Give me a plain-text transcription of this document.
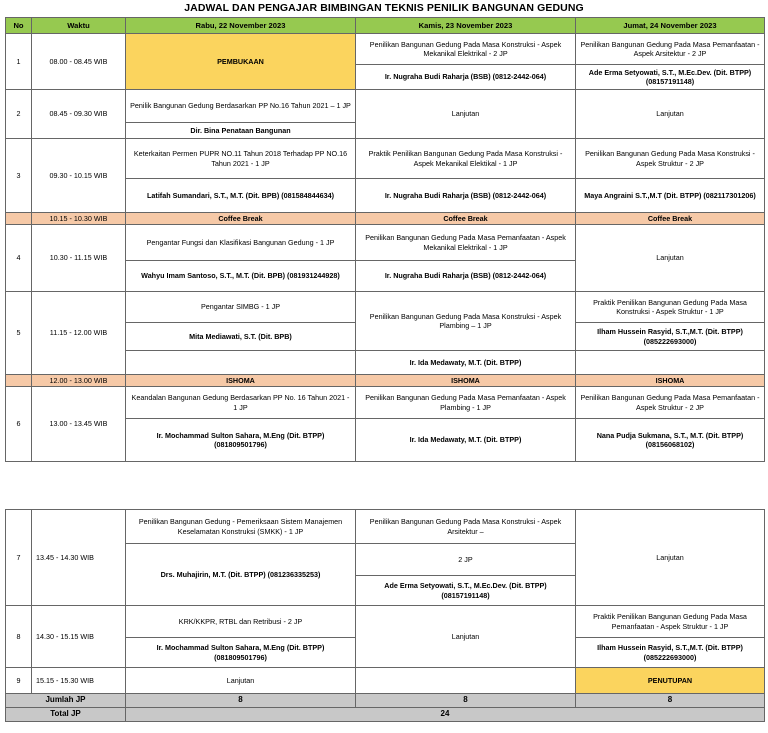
JADWAL DAN PENGAJAR BIMBINGAN TEKNIS PENILIK BANGUNAN GEDUNG
No	Waktu	Rabu, 22 November 2023	Kamis, 23 November 2023	Jumat, 24 November 2023
1	08.00 - 08.45 WIB	PEMBUKAAN	Penilikan Bangunan Gedung Pada Masa Konstruksi - Aspek Mekanikal Elektrikal - 2 JP	Penilikan Bangunan Gedung Pada Masa Pemanfaatan - Aspek Arsitektur - 2 JP
			Ir. Nugraha Budi Raharja (BSB) (0812-2442-064)	Ade Erma Setyowati, S.T., M.Ec.Dev. (Dit. BTPP) (08157191148)
2	08.45 - 09.30 WIB	Penilik Bangunan Gedung Berdasarkan PP No.16 Tahun 2021 – 1 JP	Lanjutan	Lanjutan
		Dir. Bina Penataan Bangunan		
3	09.30 - 10.15 WIB	Keterkaitan Permen PUPR NO.11 Tahun 2018 Terhadap PP NO.16 Tahun 2021 - 1 JP	Praktik Penilikan Bangunan Gedung Pada Masa Konstruksi - Aspek Mekanikal Elektikal - 1 JP	Penilikan Bangunan Gedung Pada Masa Konstruksi - Aspek Struktur - 2 JP
		Latifah Sumandari, S.T., M.T. (Dit. BPB) (081584844634)	Ir. Nugraha Budi Raharja (BSB) (0812-2442-064)	Maya Angraini S.T.,M.T (Dit. BTPP) (082117301206)
	10.15 - 10.30 WIB	Coffee Break	Coffee Break	Coffee Break
4	10.30 - 11.15 WIB	Pengantar Fungsi dan Klasifikasi Bangunan Gedung - 1 JP	Penilikan Bangunan Gedung Pada Masa Pemanfaatan - Aspek Mekanikal Elektrikal - 1 JP	Lanjutan
		Wahyu Imam Santoso, S.T., M.T. (Dit. BPB) (081931244928)	Ir. Nugraha Budi Raharja (BSB) (0812-2442-064)	
5	11.15 - 12.00 WIB	Pengantar SIMBG - 1 JP	Penilikan Bangunan Gedung Pada Masa Konstruksi - Aspek Plambing – 1 JP	Praktik Penilikan Bangunan Gedung Pada Masa Konstruksi - Aspek Struktur - 1 JP
		Mita Mediawati, S.T. (Dit. BPB)		Ilham Hussein Rasyid, S.T.,M.T. (Dit. BTPP) (085222693000)
			Ir. Ida Medawaty, M.T. (Dit. BTPP)	
	12.00 - 13.00 WIB	ISHOMA	ISHOMA	ISHOMA
6	13.00 - 13.45 WIB	Keandalan Bangunan Gedung Berdasarkan PP No. 16 Tahun 2021 - 1 JP	Penilikan Bangunan Gedung Pada Masa Pemanfaatan - Aspek Plambing - 1 JP	Penilikan Bangunan Gedung Pada Masa Pemanfaatan - Aspek Struktur - 2 JP
		Ir. Mochammad Sulton Sahara, M.Eng (Dit. BTPP) (081809501796)	Ir. Ida Medawaty, M.T. (Dit. BTPP)	Nana Pudja Sukmana, S.T., M.T. (Dit. BTPP) (08156068102)
7	13.45 - 14.30 WIB	Penilikan Bangunan Gedung - Pemeriksaan Sistem Manajemen Keselamatan Konstruksi (SMKK) - 1 JP	Penilikan Bangunan Gedung Pada Masa Konstruksi - Aspek Arsitektur –	Lanjutan
		Drs. Muhajirin, M.T. (Dit. BTPP) (081236335253)	2 JP	
			Ade Erma Setyowati, S.T., M.Ec.Dev. (Dit. BTPP) (08157191148)	
8	14.30 - 15.15 WIB	KRK/KKPR, RTBL dan Retribusi - 2 JP	Lanjutan	Praktik Penilikan Bangunan Gedung Pada Masa Pemanfaatan - Aspek Struktur - 1 JP
		Ir. Mochammad Sulton Sahara, M.Eng (Dit. BTPP) (081809501796)		Ilham Hussein Rasyid, S.T.,M.T. (Dit. BTPP) (085222693000)
9	15.15 - 15.30 WIB	Lanjutan		PENUTUPAN
Jumlah JP		8	8	8
Total JP		24		
